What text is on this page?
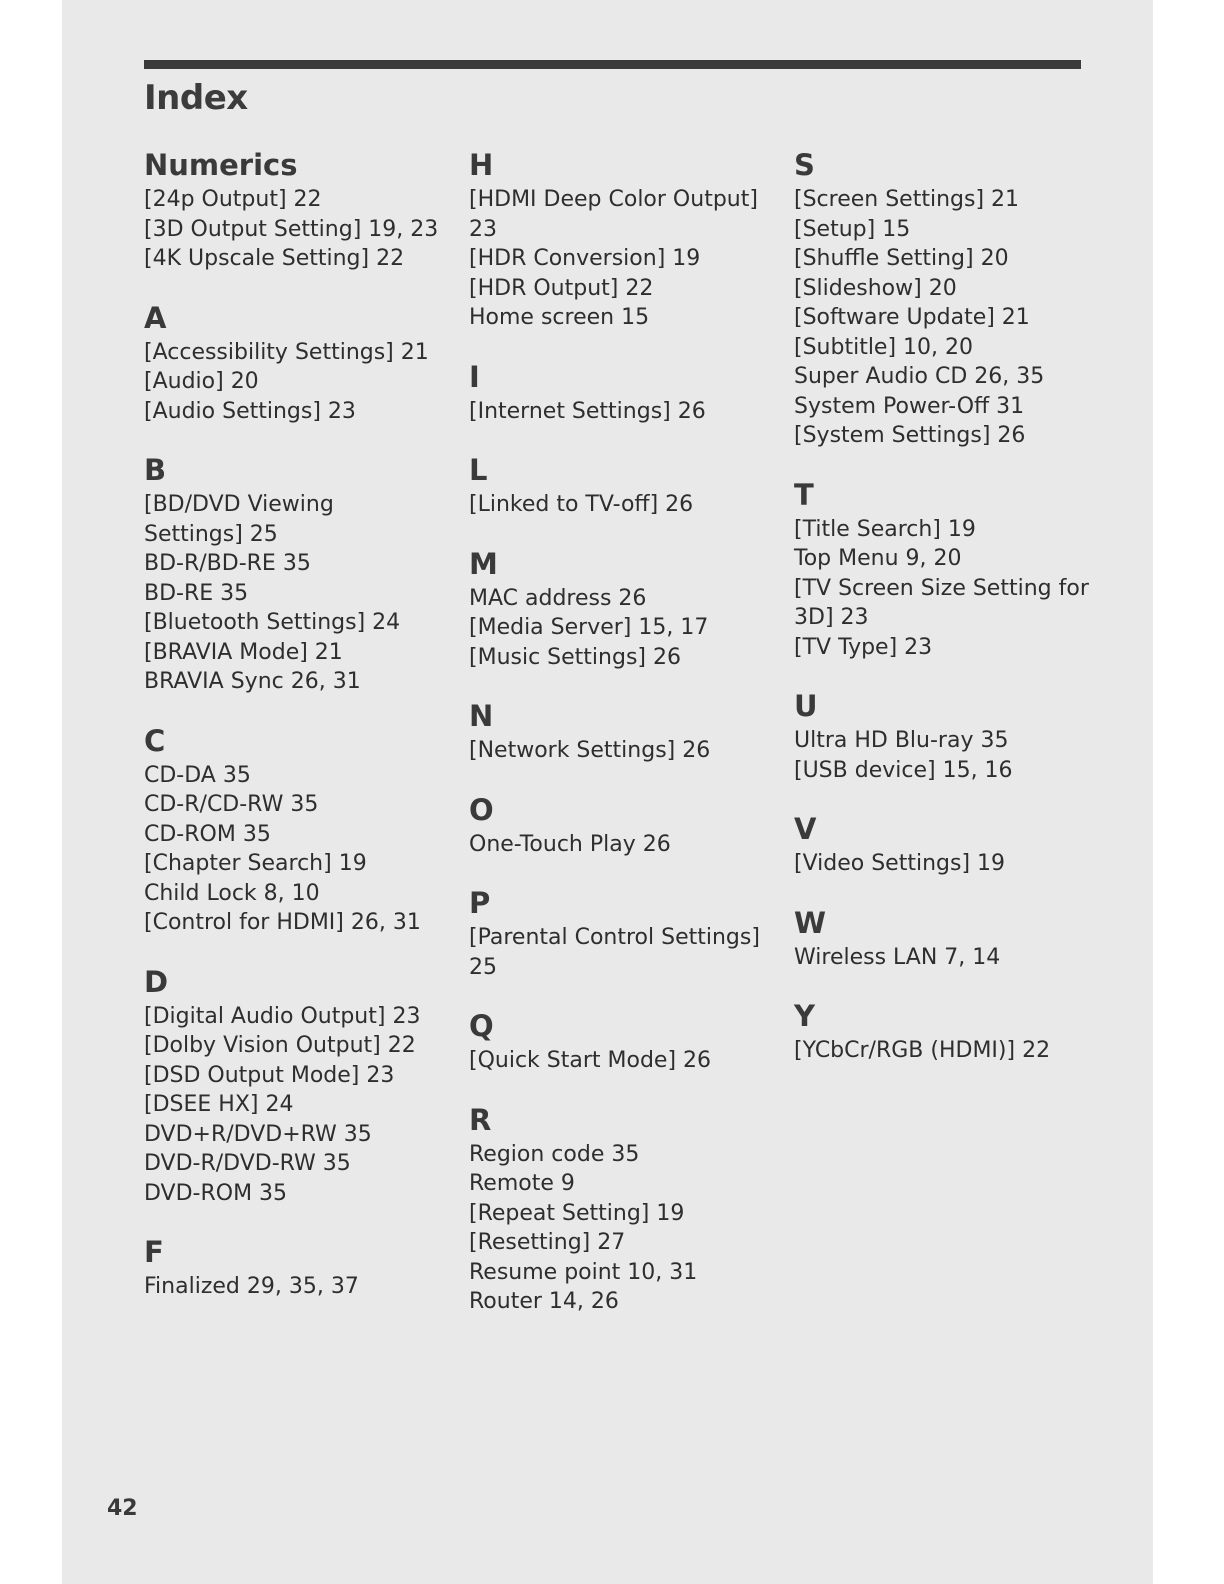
Index
Numerics
[24p Output] 22
[3D Output Setting] 19, 23
[4K Upscale Setting] 22
A
[Accessibility Settings] 21
[Audio] 20
[Audio Settings] 23
B
[BD/DVD Viewing
Settings] 25
BD-R/BD-RE 35
BD-RE 35
[Bluetooth Settings] 24
[BRAVIA Mode] 21
BRAVIA Sync 26, 31
C
CD-DA 35
CD-R/CD-RW 35
CD-ROM 35
[Chapter Search] 19
Child Lock 8, 10
[Control for HDMI] 26, 31
D
[Digital Audio Output] 23
[Dolby Vision Output] 22
[DSD Output Mode] 23
[DSEE HX] 24
DVD+R/DVD+RW 35
DVD-R/DVD-RW 35
DVD-ROM 35
F
Finalized 29, 35, 37
H
[HDMI Deep Color Output]
23
[HDR Conversion] 19
[HDR Output] 22
Home screen 15
I
[Internet Settings] 26
L
[Linked to TV-off] 26
M
MAC address 26
[Media Server] 15, 17
[Music Settings] 26
N
[Network Settings] 26
O
One-Touch Play 26
P
[Parental Control Settings]
25
Q
[Quick Start Mode] 26
R
Region code 35
Remote 9
[Repeat Setting] 19
[Resetting] 27
Resume point 10, 31
Router 14, 26
S
[Screen Settings] 21
[Setup] 15
[Shuffle Setting] 20
[Slideshow] 20
[Software Update] 21
[Subtitle] 10, 20
Super Audio CD 26, 35
System Power-Off 31
[System Settings] 26
T
[Title Search] 19
Top Menu 9, 20
[TV Screen Size Setting for
3D] 23
[TV Type] 23
U
Ultra HD Blu-ray 35
[USB device] 15, 16
V
[Video Settings] 19
W
Wireless LAN 7, 14
Y
[YCbCr/RGB (HDMI)] 22
42
